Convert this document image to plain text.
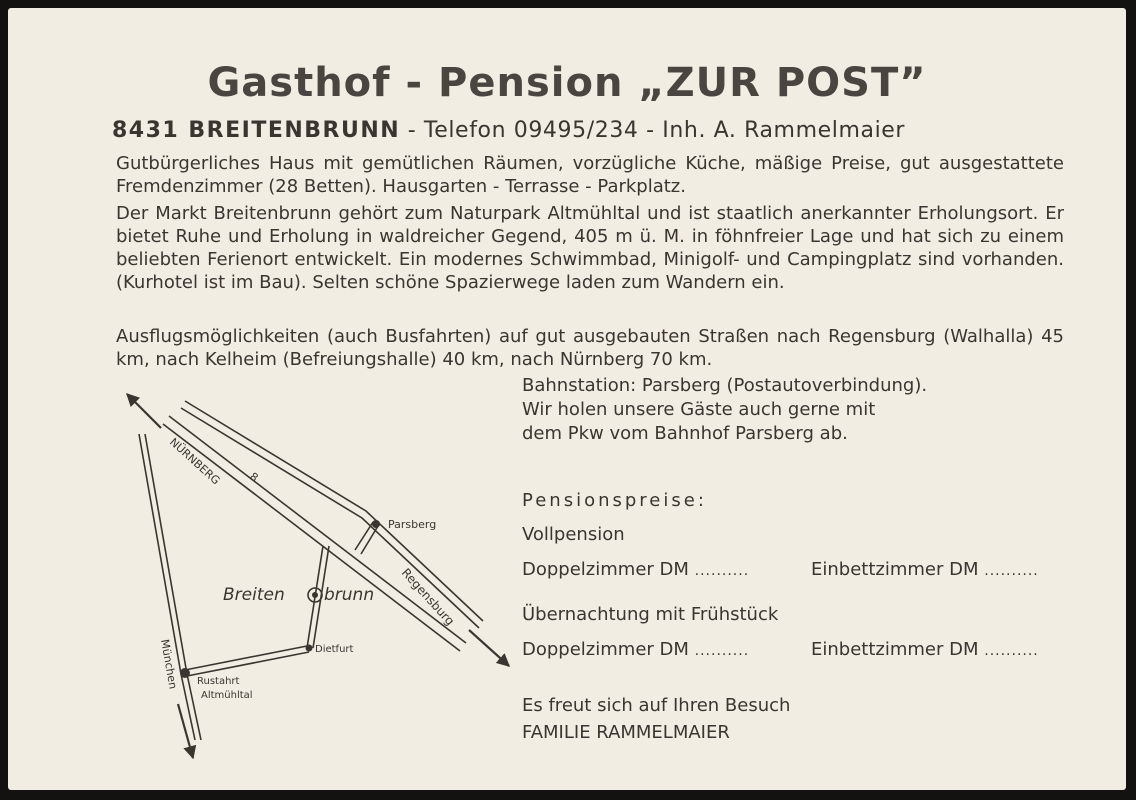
Gasthof - Pension „ZUR POST”
8431 BREITENBRUNN - Telefon 09495/234 - Inh. A. Rammelmaier

Gutbürgerliches Haus mit gemütlichen Räumen, vorzügliche Küche, mäßige Preise, gut ausgestattete Fremdenzimmer (28 Betten). Hausgarten - Terrasse - Parkplatz.

Der Markt Breitenbrunn gehört zum Naturpark Altmühltal und ist staatlich anerkannter Erholungsort. Er bietet Ruhe und Erholung in waldreicher Gegend, 405 m ü. M. in föhnfreier Lage und hat sich zu einem beliebten Ferienort entwickelt. Ein modernes Schwimmbad, Minigolf- und Campingplatz sind vorhanden. (Kurhotel ist im Bau). Selten schöne Spazierwege laden zum Wandern ein.

Ausflugsmöglichkeiten (auch Busfahrten) auf gut ausgebauten Straßen nach Regensburg (Walhalla) 45 km, nach Kelheim (Befreiungshalle) 40 km, nach Nürnberg 70 km.

Bahnstation: Parsberg (Postautoverbindung).
Wir holen unsere Gäste auch gerne mit
dem Pkw vom Bahnhof Parsberg ab.
Pensionspreise:
Vollpension
Doppelzimmer DM ..........	Einbettzimmer DM ..........
Übernachtung mit Frühstück
Doppelzimmer DM ..........	Einbettzimmer DM ..........
Es freut sich auf Ihren Besuch
FAMILIE RAMMELMAIER
NÜRNBERG 8
Parsberg
Regensburg
Breiten brunn
Dietfurt
München Rustahrt
Altmühltal
